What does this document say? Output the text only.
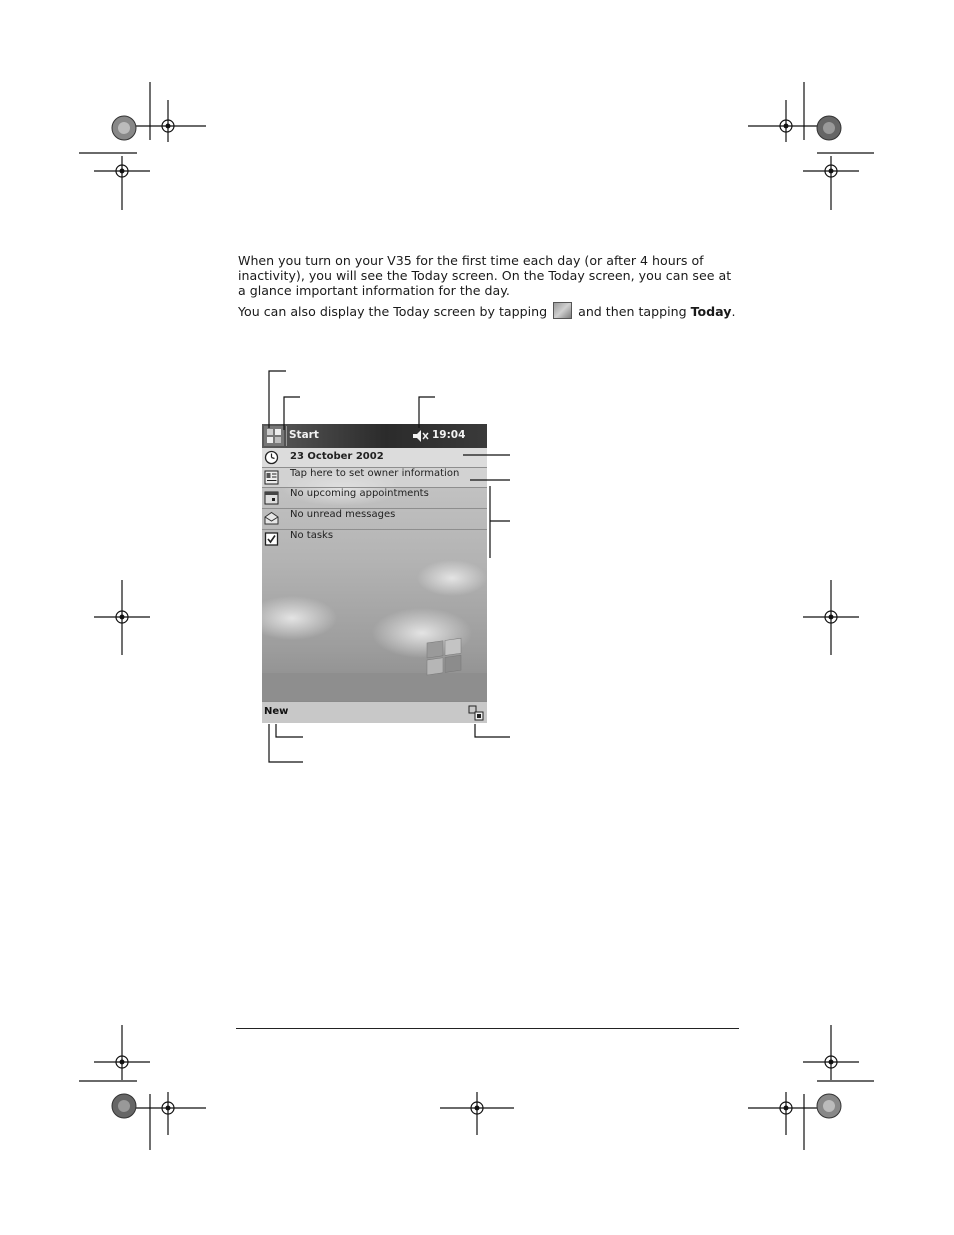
When you turn on your V35 for the first time each day (or after 4 hours of inactivity), you will see the Today screen. On the Today screen, you can see at a glance important information for the day.

You can also display the Today screen by tapping  and then tapping Today.

Start	19:04
23 October 2002
Tap here to set owner information
No upcoming appointments
No unread messages
No tasks
New
